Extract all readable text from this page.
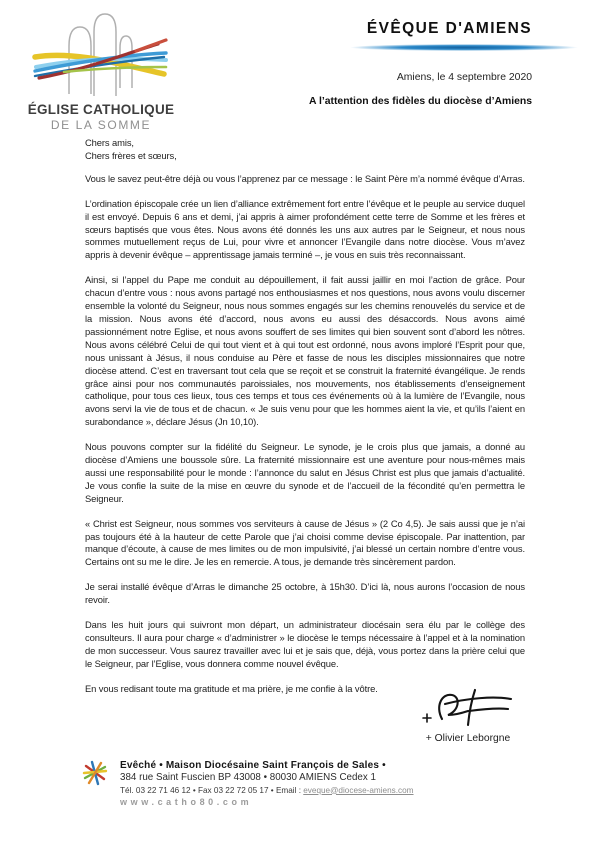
ÉGLISE CATHOLIQUE
DE LA SOMME
ÉVÊQUE D'AMIENS
Amiens, le 4 septembre 2020
A l’attention des fidèles du diocèse d’Amiens

Chers amis,

Chers frères et sœurs,

Vous le savez peut-être déjà ou vous l’apprenez par ce message : le Saint Père m’a nommé évêque d’Arras.

L’ordination épiscopale crée un lien d’alliance extrêmement fort entre l’évêque et le peuple au service duquel il est envoyé. Depuis 6 ans et demi, j’ai appris à aimer profondément cette terre de Somme et les frères et sœurs baptisés que vous êtes. Nous avons été donnés les uns aux autres par le Seigneur, et nous nous sommes mutuellement reçus de Lui, pour vivre et annoncer l’Evangile dans notre diocèse. Vous m’avez appris à devenir évêque – apprentissage jamais terminé –, je vous en suis très reconnaissant.

Ainsi, si l’appel du Pape me conduit au dépouillement, il fait aussi jaillir en moi l’action de grâce. Pour chacun d’entre vous : nous avons partagé nos enthousiasmes et nos questions, nous avons voulu discerner ensemble la volonté du Seigneur, nous nous sommes engagés sur les chemins renouvelés du service et de la mission. Nous avons été d’accord, nous avons eu aussi des désaccords. Nous avons aimé passionnément notre Eglise, et nous avons souffert de ses limites qui bien souvent sont d’abord les nôtres. Nous avons célébré Celui de qui tout vient et à qui tout est ordonné, nous avons imploré l’Esprit pour que, nous unissant à Jésus, il nous conduise au Père et fasse de nous les disciples missionnaires que notre diocèse attend. C’est en traversant tout cela que se reçoit et se construit la fraternité évangélique. Je rends grâce ainsi pour nos communautés paroissiales, nos mouvements, nos établissements d’enseignement catholique, pour tous ces lieux, tous ces temps et tous ces événements où à la lumière de l’Evangile, nous avons servi la vie de tous et de chacun. « Je suis venu pour que les hommes aient la vie, et qu’ils l’aient en surabondance », déclare Jésus (Jn 10,10).

Nous pouvons compter sur la fidélité du Seigneur. Le synode, je le crois plus que jamais, a donné au diocèse d’Amiens une boussole sûre. La fraternité missionnaire est une aventure pour nous-mêmes mais aussi une responsabilité pour le monde : l’annonce du salut en Jésus Christ est plus que jamais d’actualité. Je vous confie la suite de la mise en œuvre du synode et de l’accueil de la fécondité qu’en permettra le Seigneur.

« Christ est Seigneur, nous sommes vos serviteurs à cause de Jésus » (2 Co 4,5). Je sais aussi que je n’ai pas toujours été à la hauteur de cette Parole que j’ai choisi comme devise épiscopale. Par inattention, par manque d’écoute, à cause de mes limites ou de mon impulsivité, j’ai blessé un certain nombre d’entre vous. Certains ont su me le dire. Je les en remercie. A tous, je demande très sincèrement pardon.

Je serai installé évêque d’Arras le dimanche 25 octobre, à 15h30. D’ici là, nous aurons l’occasion de nous revoir.

Dans les huit jours qui suivront mon départ, un administrateur diocésain sera élu par le collège des consulteurs. Il aura pour charge « d’administrer » le diocèse le temps nécessaire à l’appel et à la nomination de mon successeur. Vous saurez travailler avec lui et je sais que, déjà, vous portez dans la prière celui que le Seigneur, par l’Eglise, vous donnera comme nouvel évêque.

En vous redisant toute ma gratitude et ma prière, je me confie à la vôtre.

+ Olivier Leborgne
Evêché • Maison Diocésaine Saint François de Sales •
384 rue Saint Fuscien BP 43008 • 80030 AMIENS Cedex 1
Tél. 03 22 71 46 12 • Fax 03 22 72 05 17 • Email : eveque@diocese-amiens.com
www.catho80.com
